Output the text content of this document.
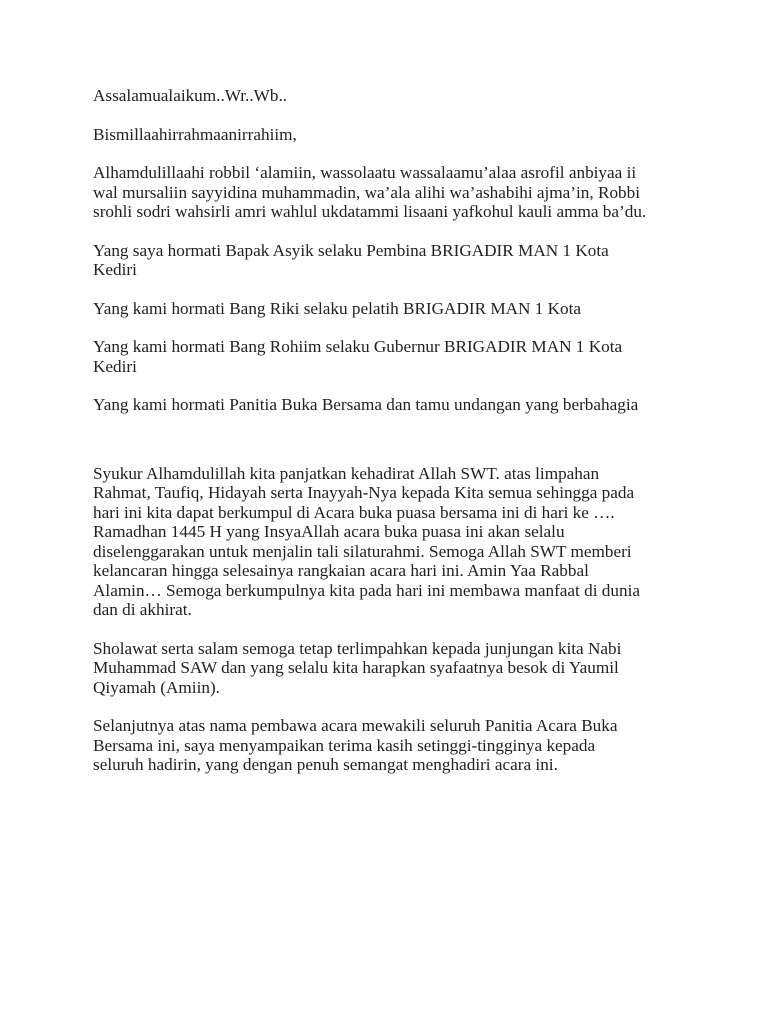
Assalamualaikum..Wr..Wb..

Bismillaahirrahmaanirrahiim,

Alhamdulillaahi robbil ‘alamiin, wassolaatu wassalaamu’alaa asrofil anbiyaa ii
wal mursaliin sayyidina muhammadin, wa’ala alihi wa’ashabihi ajma’in, Robbi
srohli sodri wahsirli amri wahlul ukdatammi lisaani yafkohul kauli amma ba’du.

Yang saya hormati Bapak Asyik selaku Pembina BRIGADIR MAN 1 Kota
Kediri

Yang kami hormati Bang Riki selaku pelatih BRIGADIR MAN 1 Kota

Yang kami hormati Bang Rohiim selaku Gubernur BRIGADIR MAN 1 Kota
Kediri

Yang kami hormati Panitia Buka Bersama dan tamu undangan yang berbahagia

Syukur Alhamdulillah kita panjatkan kehadirat Allah SWT. atas limpahan
Rahmat, Taufiq, Hidayah serta Inayyah-Nya kepada Kita semua sehingga pada
hari ini kita dapat berkumpul di Acara buka puasa bersama ini di hari ke ….
Ramadhan 1445 H yang InsyaAllah acara buka puasa ini akan selalu
diselenggarakan untuk menjalin tali silaturahmi. Semoga Allah SWT memberi
kelancaran hingga selesainya rangkaian acara hari ini. Amin Yaa Rabbal
Alamin… Semoga berkumpulnya kita pada hari ini membawa manfaat di dunia
dan di akhirat.

Sholawat serta salam semoga tetap terlimpahkan kepada junjungan kita Nabi
Muhammad SAW dan yang selalu kita harapkan syafaatnya besok di Yaumil
Qiyamah (Amiin).

Selanjutnya atas nama pembawa acara mewakili seluruh Panitia Acara Buka
Bersama ini, saya menyampaikan terima kasih setinggi-tingginya kepada
seluruh hadirin, yang dengan penuh semangat menghadiri acara ini.
